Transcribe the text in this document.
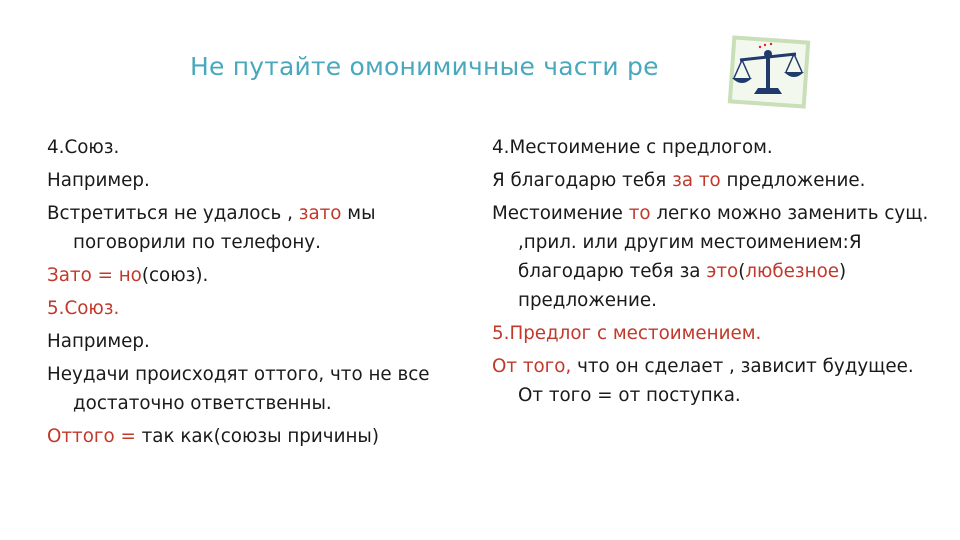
Не путайте омонимичные части ре
4.Союз.
Например.
Встретиться не удалось , зато мы поговорили по телефону.
Зато = но(союз).
5.Союз.
Например.
Неудачи происходят оттого, что не все достаточно ответственны.
Оттого = так как(союзы причины)
4.Местоимение с предлогом.
Я благодарю тебя за то предложение.
Местоимение то легко можно заменить сущ. ,прил. или другим местоимением:Я благодарю тебя за это(любезное) предложение.
5.Предлог с местоимением.
От того, что он сделает , зависит будущее. От того = от поступка.
